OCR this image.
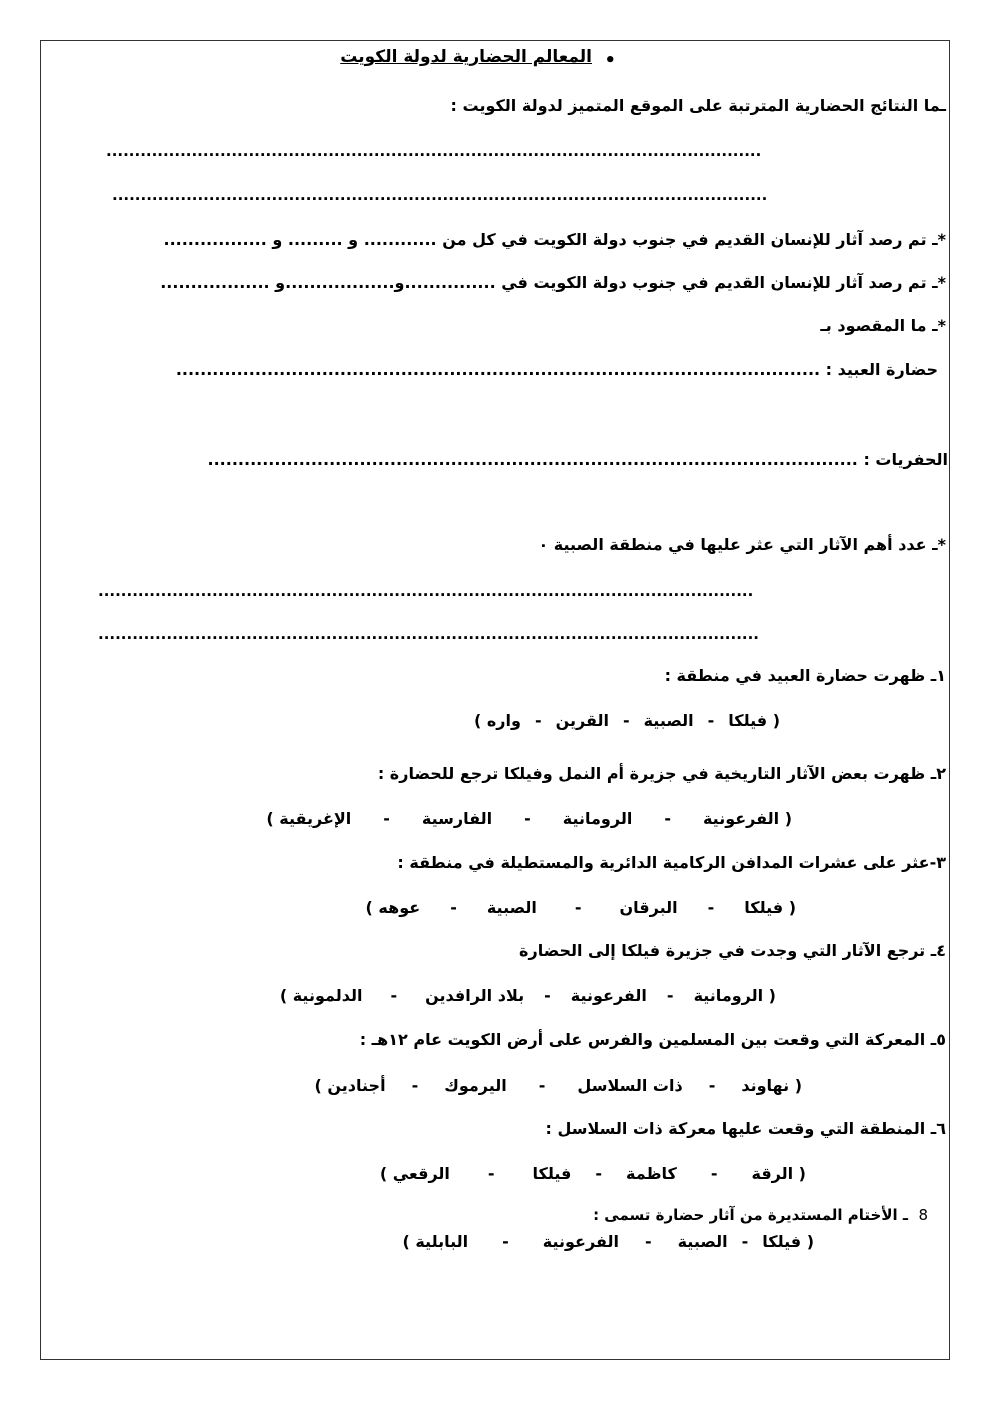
•
المعالم الحضارية لدولة الكويت
ـما النتائج الحضارية المترتبة على الموقع المتميز لدولة الكويت :
...................................................................................................................
...................................................................................................................
*ـ تم رصد آثار للإنسان القديم في جنوب دولة الكويت في كل من ............ و ......... و .................
*ـ تم رصد آثار للإنسان القديم في جنوب دولة الكويت في ...............و..................و ..................
*ـ ما المقصود بـ
حضارة العبيد : ..........................................................................................................
الحفريات : ...........................................................................................................
*ـ عدد أهم الآثار التي عثر عليها في منطقة الصبية ٠
...................................................................................................................
....................................................................................................................
١ـ ظهرت حضارة العبيد في منطقة :
( فيلكا-الصبية-القرين-واره )
٢ـ ظهرت بعض الآثار التاريخية في جزيرة أم النمل وفيلكا ترجع للحضارة :
( الفرعونية-الرومانية-الفارسية-الإغريقية )
٣-عثر على عشرات المدافن الركامية الدائرية والمستطيلة في منطقة :
( فيلكا-البرقان-الصبية-عوهه )
٤ـ ترجع الآثار التي وجدت في جزيرة فيلكا إلى الحضارة
( الرومانية-الفرعونية-بلاد الرافدين-الدلمونية )
٥ـ المعركة التي وقعت بين المسلمين والفرس على أرض الكويت عام ١٢هـ :
( نهاوند-ذات السلاسل-اليرموك-أجنادين )
٦ـ المنطقة التي وقعت عليها معركة ذات السلاسل :
( الرقة-كاظمة-فيلكا-الرقعي )
8
ـ الأختام المستديرة من آثار حضارة تسمى :
( فيلكا-الصبية-الفرعونية-البابلية )
